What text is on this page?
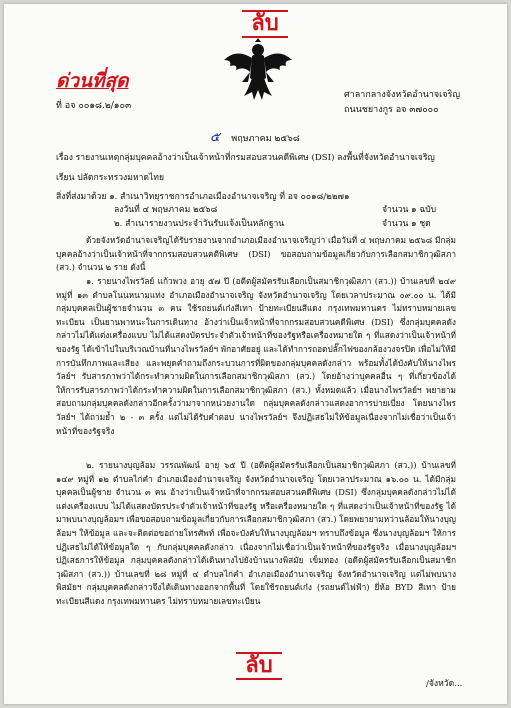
ลับ
ด่วนที่สุด
ที่ อจ ๐๐๑๘.๒/๑๐๓
ศาลากลางจังหวัดอำนาจเจริญ
ถนนชยางกูร อจ ๓๗๐๐๐
๕ พฤษภาคม ๒๕๖๘
เรื่อง รายงานเหตุกลุ่มบุคคลอ้างว่าเป็นเจ้าหน้าที่กรมสอบสวนคดีพิเศษ (DSI) ลงพื้นที่จังหวัดอำนาจเจริญ
เรียน ปลัดกระทรวงมหาดไทย
สิ่งที่ส่งมาด้วย ๑. สำเนาวิทยุราชการอำเภอเมืองอำนาจเจริญ ที่ อจ ๐๐๑๘/๒๒๗๑
ลงวันที่ ๔ พฤษภาคม ๒๕๖๘	จำนวน ๑ ฉบับ
๒. สำเนารายงานประจำวันรับแจ้งเป็นหลักฐาน	จำนวน ๑ ชุด
ด้วยจังหวัดอำนาจเจริญได้รับรายงานจากอำเภอเมืองอำนาจเจริญว่า เมื่อวันที่ ๔ พฤษภาคม ๒๕๖๘ มีกลุ่มบุคคลอ้างว่าเป็นเจ้าหน้าที่จากกรมสอบสวนคดีพิเศษ (DSI) ขอสอบถามข้อมูลเกี่ยวกับการเลือกสมาชิกวุฒิสภา (สว.) จำนวน ๒ ราย ดังนี้
๑. รายนางไพรวัลย์ แก้วพวง อายุ ๕๗ ปี (อดีตผู้สมัครรับเลือกเป็นสมาชิกวุฒิสภา (สว.)) บ้านเลขที่ ๒๔๙ หมู่ที่ ๑๓ ตำบลโนนหนามแท่ง อำเภอเมืองอำนาจเจริญ จังหวัดอำนาจเจริญ โดยเวลาประมาณ ๐๙.๐๐ น. ได้มีกลุ่มบุคคลเป็นผู้ชายจำนวน ๓ คน ใช้รถยนต์เก๋งสีเทา ป้ายทะเบียนสีแดง กรุงเทพมหานคร ไม่ทราบหมายเลขทะเบียน เป็นยานพาหนะในการเดินทาง อ้างว่าเป็นเจ้าหน้าที่จากกรมสอบสวนคดีพิเศษ (DSI) ซึ่งกลุ่มบุคคลดังกล่าวไม่ได้แต่งเครื่องแบบ ไม่ได้แสดงบัตรประจำตัวเจ้าหน้าที่ของรัฐหรือเครื่องหมายใด ๆ ที่แสดงว่าเป็นเจ้าหน้าที่ของรัฐ ได้เข้าไปในบริเวณบ้านที่นางไพรวัลย์ฯ พักอาศัยอยู่ และได้ทำการถอดปลั๊กไฟของกล้องวงจรปิด เพื่อไม่ให้มีการบันทึกภาพและเสียง และพยุดคำถามถึงกระบวนการที่ผิดของกลุ่มบุคคลดังกล่าว พร้อมทั้งได้บังคับให้นางไพรวัลย์ฯ รับสารภาพว่าได้กระทำความผิดในการเลือกสมาชิกวุฒิสภา (สว.) โดยอ้างว่าบุคคลอื่น ๆ ที่เกี่ยวข้องได้ให้การรับสารภาพว่าได้กระทำความผิดในการเลือกสมาชิกวุฒิสภา (สว.) ทั้งหมดแล้ว เมื่อนางไพรวัลย์ฯ พยายามสอบถามกลุ่มบุคคลดังกล่าวอีกครั้งว่ามาจากหน่วยงานใด กลุ่มบุคคลดังกล่าวแสดงอาการบ่ายเบี่ยง โดยนางไพรวัลย์ฯ ได้ถามย้ำ ๒ - ๓ ครั้ง แต่ไม่ได้รับคำตอบ นางไพรวัลย์ฯ จึงปฏิเสธไม่ให้ข้อมูลเนื่องจากไม่เชื่อว่าเป็นเจ้าหน้าที่ของรัฐจริง
๒. รายนางบุญล้อม วรรณพัฒน์ อายุ ๖๕ ปี (อดีตผู้สมัครรับเลือกเป็นสมาชิกวุฒิสภา (สว.)) บ้านเลขที่ ๑๔๙ หมู่ที่ ๑๒ ตำบลไก่คำ อำเภอเมืองอำนาจเจริญ จังหวัดอำนาจเจริญ โดยเวลาประมาณ ๑๖.๐๐ น. ได้มีกลุ่มบุคคลเป็นผู้ชาย จำนวน ๓ คน อ้างว่าเป็นเจ้าหน้าที่จากกรมสอบสวนคดีพิเศษ (DSI) ซึ่งกลุ่มบุคคลดังกล่าวไม่ได้แต่งเครื่องแบบ ไม่ได้แสดงบัตรประจำตัวเจ้าหน้าที่ของรัฐ หรือเครื่องหมายใด ๆ ที่แสดงว่าเป็นเจ้าหน้าที่ของรัฐ ได้มาพบนางบุญล้อมฯ เพื่อขอสอบถามข้อมูลเกี่ยวกับการเลือกสมาชิกวุฒิสภา (สว.) โดยพยายามหว่านล้อมให้นางบุญล้อมฯ ให้ข้อมูล และจะติดต่อขอถ่ายโทรศัพท์ เพื่อจะบังคับให้นางบุญล้อมฯ ทราบถึงข้อมูล ซึ่งนางบุญล้อมฯ ให้การปฏิเสธไม่ได้ให้ข้อมูลใด ๆ กับกลุ่มบุคคลดังกล่าว เนื่องจากไม่เชื่อว่าเป็นเจ้าหน้าที่ของรัฐจริง เมื่อนางบุญล้อมฯ ปฏิเสธการให้ข้อมูล กลุ่มบุคคลดังกล่าวได้เดินทางไปยังบ้านนางพิสมัย เข็มทอง (อดีตผู้สมัครรับเลือกเป็นสมาชิกวุฒิสภา (สว.)) บ้านเลขที่ ๒๘ หมู่ที่ ๔ ตำบลไก่คำ อำเภอเมืองอำนาจเจริญ จังหวัดอำนาจเจริญ แต่ไม่พบนางพิสมัยฯ กลุ่มบุคคลดังกล่าวจึงได้เดินทางออกจากพื้นที่ โดยใช้รถยนต์เก๋ง (รถยนต์ไฟฟ้า) ยี่ห้อ BYD สีเทา ป้ายทะเบียนสีแดง กรุงเทพมหานคร ไม่ทราบหมายเลขทะเบียน
ลับ
/จังหวัด...
